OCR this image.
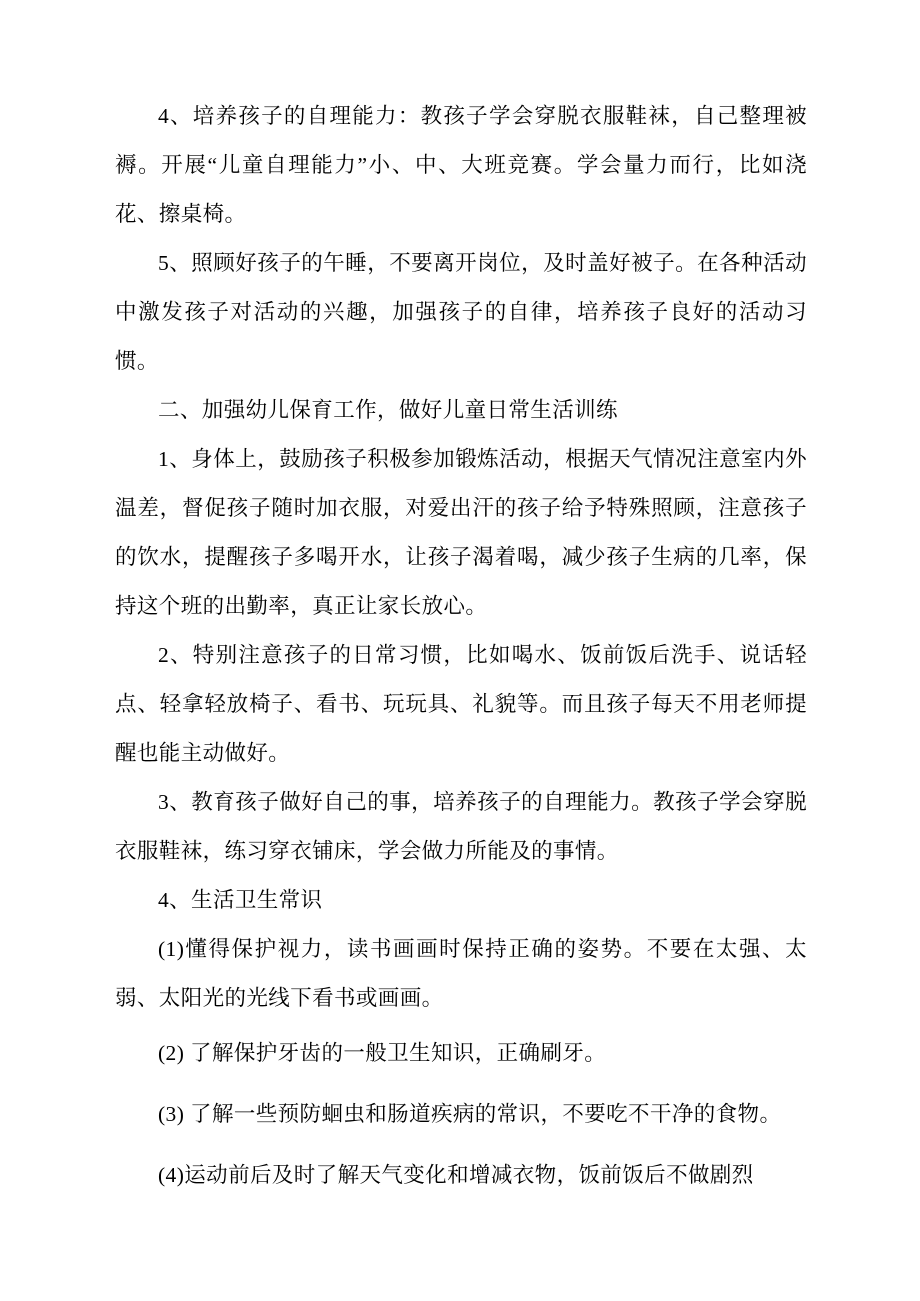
4、培养孩子的自理能力：教孩子学会穿脱衣服鞋袜，自己整理被褥。开展“儿童自理能力”小、中、大班竞赛。学会量力而行，比如浇花、擦桌椅。

5、照顾好孩子的午睡，不要离开岗位，及时盖好被子。在各种活动中激发孩子对活动的兴趣，加强孩子的自律，培养孩子良好的活动习惯。

二、加强幼儿保育工作，做好儿童日常生活训练

1、身体上，鼓励孩子积极参加锻炼活动，根据天气情况注意室内外温差，督促孩子随时加衣服，对爱出汗的孩子给予特殊照顾，注意孩子的饮水，提醒孩子多喝开水，让孩子渴着喝，减少孩子生病的几率，保持这个班的出勤率，真正让家长放心。

2、特别注意孩子的日常习惯，比如喝水、饭前饭后洗手、说话轻点、轻拿轻放椅子、看书、玩玩具、礼貌等。而且孩子每天不用老师提醒也能主动做好。

3、教育孩子做好自己的事，培养孩子的自理能力。教孩子学会穿脱衣服鞋袜，练习穿衣铺床，学会做力所能及的事情。

4、生活卫生常识

(1)懂得保护视力，读书画画时保持正确的姿势。不要在太强、太弱、太阳光的光线下看书或画画。

(2) 了解保护牙齿的一般卫生知识，正确刷牙。

(3) 了解一些预防蛔虫和肠道疾病的常识，不要吃不干净的食物。

(4)运动前后及时了解天气变化和增减衣物，饭前饭后不做剧烈
